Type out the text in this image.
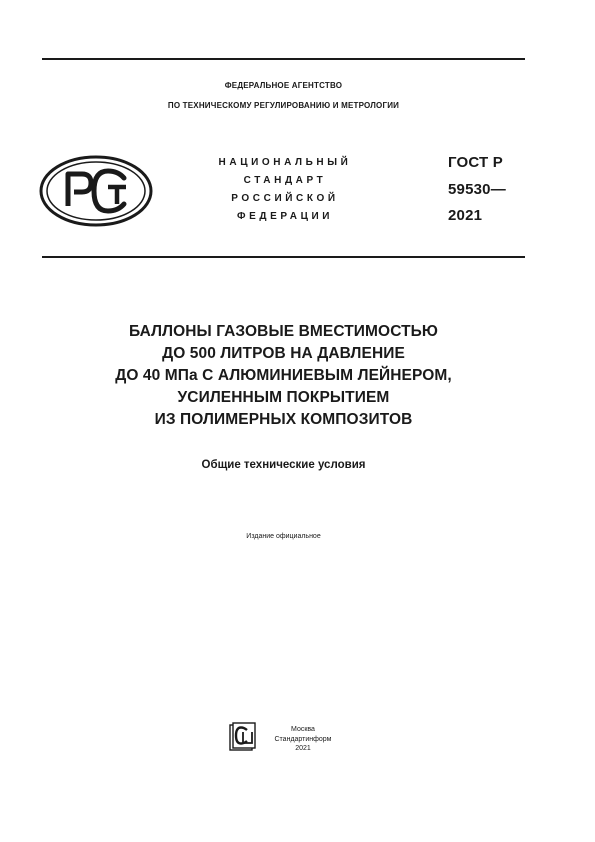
ФЕДЕРАЛЬНОЕ АГЕНТСТВО
ПО ТЕХНИЧЕСКОМУ РЕГУЛИРОВАНИЮ И МЕТРОЛОГИИ
НАЦИОНАЛЬНЫЙ
СТАНДАРТ
РОССИЙСКОЙ
ФЕДЕРАЦИИ
ГОСТ Р
59530—
2021
БАЛЛОНЫ ГАЗОВЫЕ ВМЕСТИМОСТЬЮ
ДО 500 ЛИТРОВ НА ДАВЛЕНИЕ
ДО 40 МПа С АЛЮМИНИЕВЫМ ЛЕЙНЕРОМ,
УСИЛЕННЫМ ПОКРЫТИЕМ
ИЗ ПОЛИМЕРНЫХ КОМПОЗИТОВ
Общие технические условия
Издание официальное
Москва
Стандартинформ
2021
